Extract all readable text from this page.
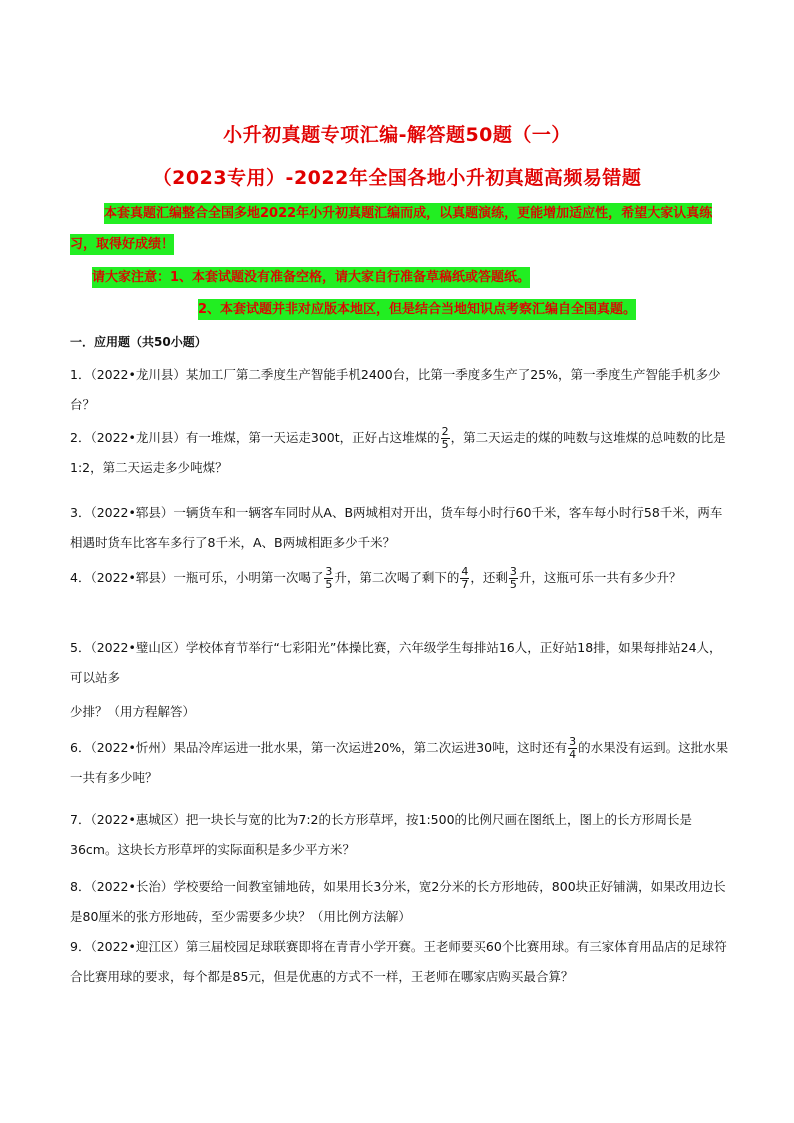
小升初真题专项汇编-解答题50题（一）
（2023专用）-2022年全国各地小升初真题高频易错题
本套真题汇编整合全国多地2022年小升初真题汇编而成，以真题演练，更能增加适应性，希望大家认真练习，取得好成绩！
请大家注意：1、本套试题没有准备空格，请大家自行准备草稿纸或答题纸。
2、本套试题并非对应版本地区，但是结合当地知识点考察汇编自全国真题。
一．应用题（共50小题）
1．（2022•龙川县）某加工厂第二季度生产智能手机2400台，比第一季度多生产了25%，第一季度生产智能手机多少台？
2．（2022•龙川县）有一堆煤，第一天运走300t，正好占这堆煤的 $\frac{2}{5}$ ，第二天运走的煤的吨数与这堆煤的总吨数的比是1:2，第二天运走多少吨煤？
3．（2022•郓县）一辆货车和一辆客车同时从A、B两城相对开出，货车每小时行60千米，客车每小时行58千米，两车相遇时货车比客车多行了8千米，A、B两城相距多少千米？
4．（2022•郓县）一瓶可乐，小明第一次喝了 $\frac{3}{5}$ 升，第二次喝了剩下的 $\frac{4}{7}$ ，还剩 $\frac{3}{5}$ 升，这瓶可乐一共有多少升？
5．（2022•璧山区）学校体育节举行“七彩阳光”体操比赛，六年级学生每排站16人，正好站18排，如果每排站24人，可以站多
少排？（用方程解答）
6．（2022•忻州）果品冷库运进一批水果，第一次运进20%，第二次运进30吨，这时还有 $\frac{3}{4}$ 的水果没有运到。这批水果一共有多少吨？
7．（2022•惠城区）把一块长与宽的比为7:2的长方形草坪，按1:500的比例尺画在图纸上，图上的长方形周长是36cm。这块长方形草坪的实际面积是多少平方米？
8．（2022•长治）学校要给一间教室铺地砖，如果用长3分米，宽2分米的长方形地砖，800块正好铺满，如果改用边长是80厘米的张方形地砖，至少需要多少块？（用比例方法解）
9．（2022•迎江区）第三届校园足球联赛即将在青青小学开赛。王老师要买60个比赛用球。有三家体育用品店的足球符合比赛用球的要求，每个都是85元，但是优惠的方式不一样，王老师在哪家店购买最合算？
